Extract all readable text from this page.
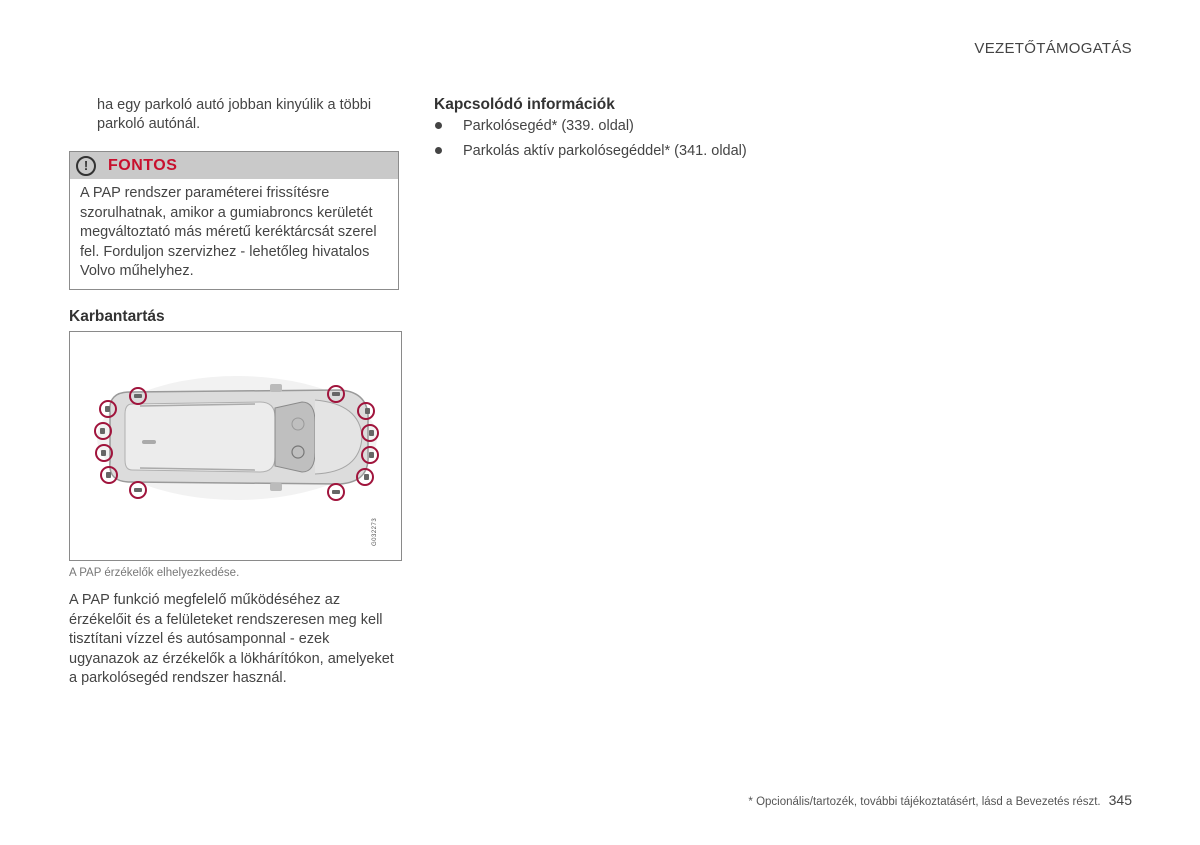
VEZETŐTÁMOGATÁS
ha egy parkoló autó jobban kinyúlik a többi parkoló autónál.
!	FONTOS
A PAP rendszer paraméterei frissítésre szorulhatnak, amikor a gumiabroncs kerületét megváltoztató más méretű keréktárcsát szerel fel. Forduljon szervizhez - lehetőleg hivatalos Volvo műhelyhez.
Karbantartás
G032273
A PAP érzékelők elhelyezkedése.
A PAP funkció megfelelő működéséhez az érzékelőit és a felületeket rendszeresen meg kell tisztítani vízzel és autósamponnal - ezek ugyanazok az érzékelők a lökhárítókon, amelyeket a parkolósegéd rendszer használ.
Kapcsolódó információk
Parkolósegéd* (339. oldal)
Parkolás aktív parkolósegéddel* (341. oldal)
* Opcionális/tartozék, további tájékoztatásért, lásd a Bevezetés részt. 345
